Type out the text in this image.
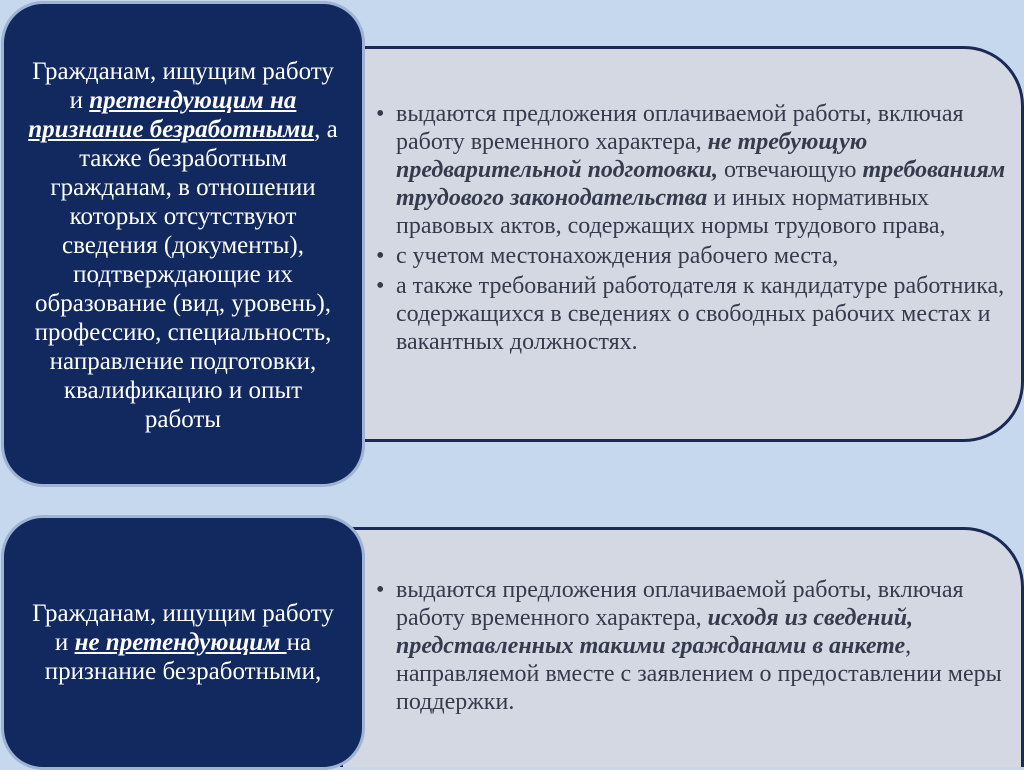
Гражданам, ищущим работу и претендующим на признание безработными, а также безработным гражданам, в отношении которых отсутствуют сведения (документы), подтверждающие их образование (вид, уровень), профессию, специальность, направление подготовки, квалификацию и опыт работы
Гражданам, ищущим работу и не претендующим на признание безработными,
• выдаются предложения оплачиваемой работы, включая работу временного характера, не требующую предварительной подготовки, отвечающую требованиям трудового законодательства и иных нормативных правовых актов, содержащих нормы трудового права,
• с учетом местонахождения рабочего места,
• а также требований работодателя к кандидатуре работника, содержащихся в сведениях о свободных рабочих местах и вакантных должностях.
• выдаются предложения оплачиваемой работы, включая работу временного характера, исходя из сведений, представленных такими гражданами в анкете, направляемой вместе с заявлением о предоставлении меры поддержки.
